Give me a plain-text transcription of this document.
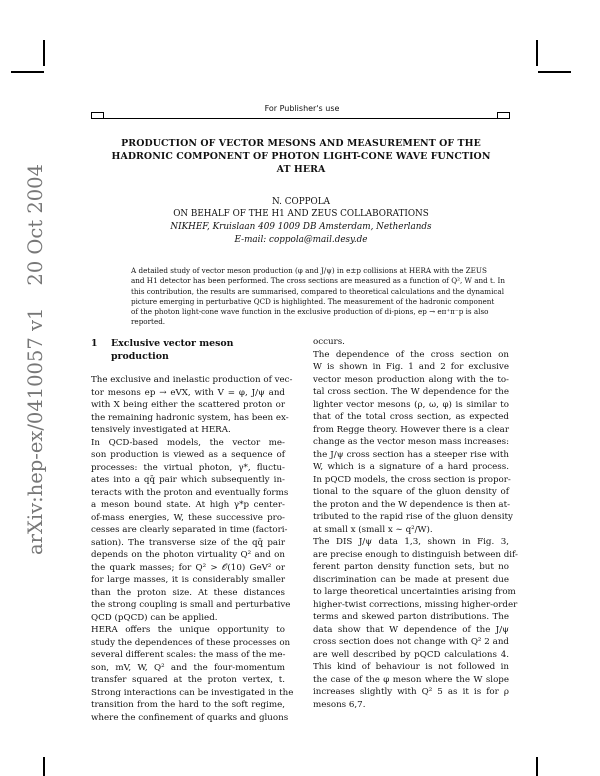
For Publisher's use
PRODUCTION OF VECTOR MESONS AND MEASUREMENT OF THE
HADRONIC COMPONENT OF PHOTON LIGHT-CONE WAVE FUNCTION
AT HERA
N. COPPOLA
ON BEHALF OF THE H1 AND ZEUS COLLABORATIONS
NIKHEF, Kruislaan 409 1009 DB Amsterdam, Netherlands
E-mail: coppola@mail.desy.de
arXiv:hep-ex/0410057 v120 Oct 2004	A detailed study of vector meson production (φ and J/ψ) in e±p collisions at HERA with the ZEUS
and H1 detector has been performed. The cross sections are measured as a function of Q², W and t. In
this contribution, the results are summarised, compared to theoretical calculations and the dynamical
picture emerging in perturbative QCD is highlighted. The measurement of the hadronic component
of the photon light-cone wave function in the exclusive production of di-pions, ep → eπ⁺π⁻p is also
reported.
1 Exclusive vector meson
production
The exclusive and inelastic production of vec-
tor mesons ep → eVX, with V = φ, J/ψ and
with X being either the scattered proton or
the remaining hadronic system, has been ex-
tensively investigated at HERA.
In QCD-based models, the vector me-
son production is viewed as a sequence of
processes: the virtual photon, γ*, fluctu-
ates into a qq̄ pair which subsequently in-
teracts with the proton and eventually forms
a meson bound state. At high γ*p center-
of-mass energies, W, these successive pro-
cesses are clearly separated in time (factori-
sation). The transverse size of the qq̄ pair
depends on the photon virtuality Q² and on
the quark masses; for Q² > 𝒪(10) GeV² or
for large masses, it is considerably smaller
than the proton size. At these distances
the strong coupling is small and perturbative
QCD (pQCD) can be applied.
HERA offers the unique opportunity to
study the dependences of these processes on
several different scales: the mass of the me-
son, mV, W, Q² and the four-momentum
transfer squared at the proton vertex, t.
Strong interactions can be investigated in the
transition from the hard to the soft regime,
where the confinement of quarks and gluons
occurs.
The dependence of the cross section on
W is shown in Fig. 1 and 2 for exclusive
vector meson production along with the to-
tal cross section. The W dependence for the
lighter vector mesons (ρ, ω, φ) is similar to
that of the total cross section, as expected
from Regge theory. However there is a clear
change as the vector meson mass increases:
the J/ψ cross section has a steeper rise with
W, which is a signature of a hard process.
In pQCD models, the cross section is propor-
tional to the square of the gluon density of
the proton and the W dependence is then at-
tributed to the rapid rise of the gluon density
at small x (small x ∼ q²/W).
The DIS J/ψ data 1,3, shown in Fig. 3,
are precise enough to distinguish between dif-
ferent parton density function sets, but no
discrimination can be made at present due
to large theoretical uncertainties arising from
higher-twist corrections, missing higher-order
terms and skewed parton distributions. The
data show that W dependence of the J/ψ
cross section does not change with Q² 2 and
are well described by pQCD calculations 4.
This kind of behaviour is not followed in
the case of the φ meson where the W slope
increases slightly with Q² 5 as it is for ρ
mesons 6,7.
